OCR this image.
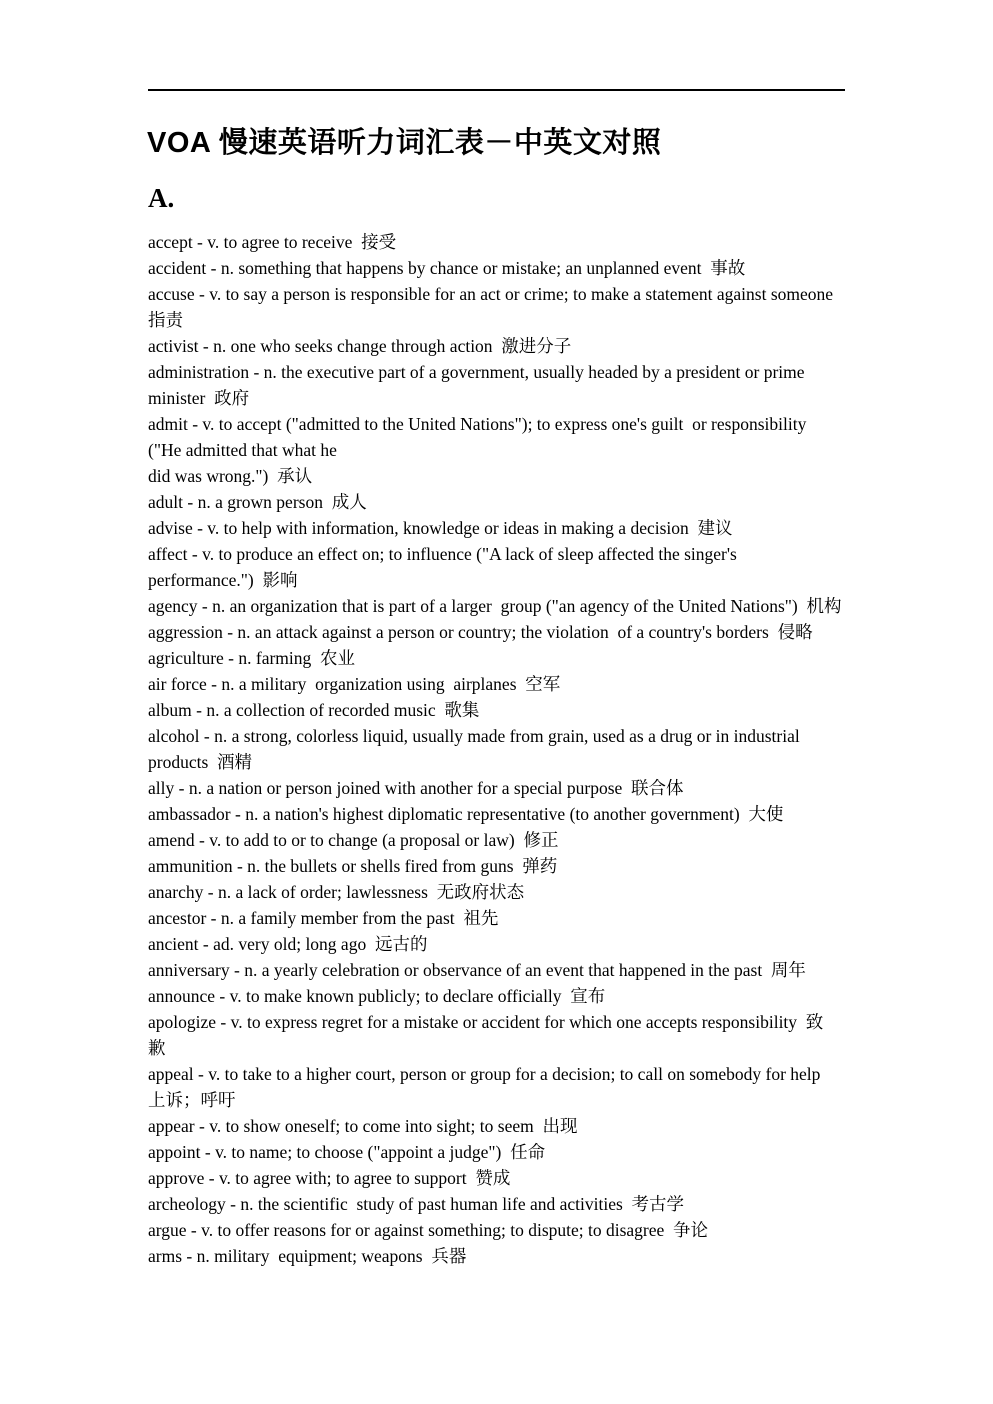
VOA 慢速英语听力词汇表－中英文对照
A.
accept - v. to agree to receive  接受
accident - n. something that happens by chance or mistake; an unplanned event  事故
accuse - v. to say a person is responsible for an act or crime; to make a statement against someone
指责
activist - n. one who seeks change through action  激进分子
administration - n. the executive part of a government, usually headed by a president or prime
minister  政府
admit - v. to accept ("admitted to the United Nations"); to express one's guilt  or responsibility
("He admitted that what he
did was wrong.")  承认
adult - n. a grown person  成人
advise - v. to help with information, knowledge or ideas in making a decision  建议
affect - v. to produce an effect on; to influence ("A lack of sleep affected the singer's
performance.")  影响
agency - n. an organization that is part of a larger  group ("an agency of the United Nations")  机构
aggression - n. an attack against a person or country; the violation  of a country's borders  侵略
agriculture - n. farming  农业
air force - n. a military  organization using  airplanes  空军
album - n. a collection of recorded music  歌集
alcohol - n. a strong, colorless liquid, usually made from grain, used as a drug or in industrial
products  酒精
ally - n. a nation or person joined with another for a special purpose  联合体
ambassador - n. a nation's highest diplomatic representative (to another government)  大使
amend - v. to add to or to change (a proposal or law)  修正
ammunition - n. the bullets or shells fired from guns  弹药
anarchy - n. a lack of order; lawlessness  无政府状态
ancestor - n. a family member from the past  祖先
ancient - ad. very old; long ago  远古的
anniversary - n. a yearly celebration or observance of an event that happened in the past  周年
announce - v. to make known publicly; to declare officially  宣布
apologize - v. to express regret for a mistake or accident for which one accepts responsibility  致
歉
appeal - v. to take to a higher court, person or group for a decision; to call on somebody for help
上诉；呼吁
appear - v. to show oneself; to come into sight; to seem  出现
appoint - v. to name; to choose ("appoint a judge")  任命
approve - v. to agree with; to agree to support  赞成
archeology - n. the scientific  study of past human life and activities  考古学
argue - v. to offer reasons for or against something; to dispute; to disagree  争论
arms - n. military  equipment; weapons  兵器
